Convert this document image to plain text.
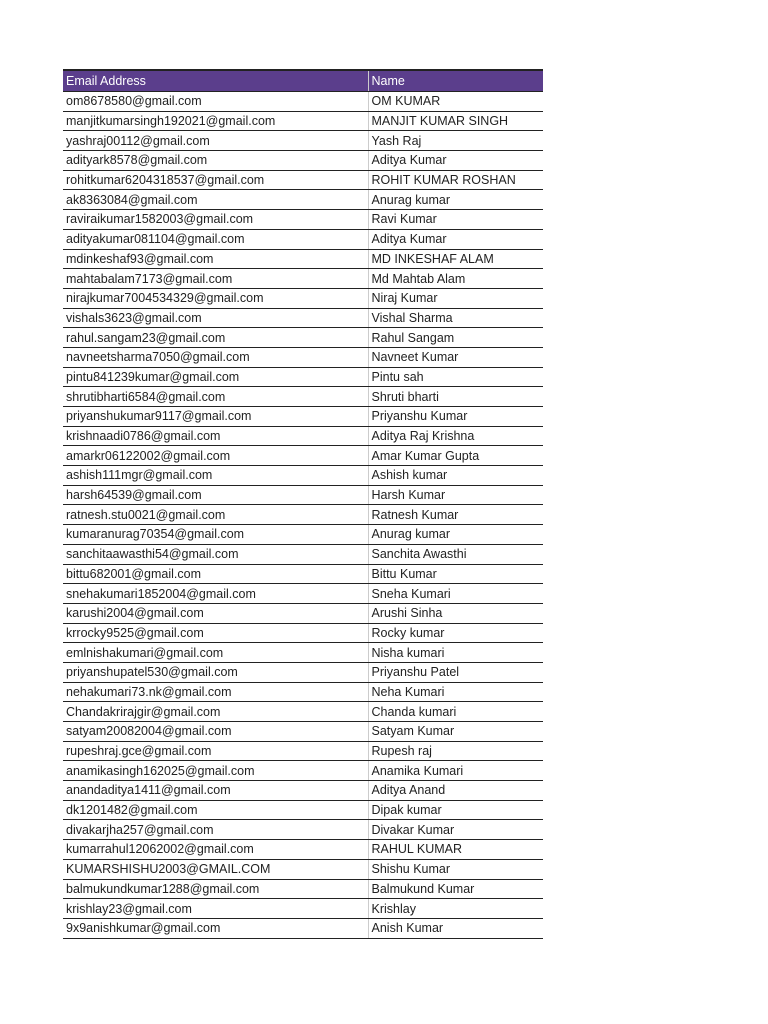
Email Address	Name
om8678580@gmail.com	OM KUMAR
manjitkumarsingh192021@gmail.com	MANJIT KUMAR SINGH
yashraj00112@gmail.com	Yash Raj
adityark8578@gmail.com	Aditya Kumar
rohitkumar6204318537@gmail.com	ROHIT KUMAR ROSHAN
ak8363084@gmail.com	Anurag kumar
raviraikumar1582003@gmail.com	Ravi Kumar
adityakumar081104@gmail.com	Aditya Kumar
mdinkeshaf93@gmail.com	MD INKESHAF ALAM
mahtabalam7173@gmail.com	Md Mahtab Alam
nirajkumar7004534329@gmail.com	Niraj Kumar
vishals3623@gmail.com	Vishal Sharma
rahul.sangam23@gmail.com	Rahul Sangam
navneetsharma7050@gmail.com	Navneet Kumar
pintu841239kumar@gmail.com	Pintu sah
shrutibharti6584@gmail.com	Shruti bharti
priyanshukumar9117@gmail.com	Priyanshu Kumar
krishnaadi0786@gmail.com	Aditya Raj Krishna
amarkr06122002@gmail.com	Amar Kumar Gupta
ashish111mgr@gmail.com	Ashish kumar
harsh64539@gmail.com	Harsh Kumar
ratnesh.stu0021@gmail.com	Ratnesh Kumar
kumaranurag70354@gmail.com	Anurag kumar
sanchitaawasthi54@gmail.com	Sanchita Awasthi
bittu682001@gmail.com	Bittu Kumar
snehakumari1852004@gmail.com	Sneha Kumari
karushi2004@gmail.com	Arushi Sinha
krrocky9525@gmail.com	Rocky kumar
emlnishakumari@gmail.com	Nisha kumari
priyanshupatel530@gmail.com	Priyanshu Patel
nehakumari73.nk@gmail.com	Neha Kumari
Chandakrirajgir@gmail.com	Chanda kumari
satyam20082004@gmail.com	Satyam Kumar
rupeshraj.gce@gmail.com	Rupesh raj
anamikasingh162025@gmail.com	Anamika Kumari
anandaditya1411@gmail.com	Aditya Anand
dk1201482@gmail.com	Dipak kumar
divakarjha257@gmail.com	Divakar Kumar
kumarrahul12062002@gmail.com	RAHUL KUMAR
KUMARSHISHU2003@GMAIL.COM	Shishu Kumar
balmukundkumar1288@gmail.com	Balmukund Kumar
krishlay23@gmail.com	Krishlay
9x9anishkumar@gmail.com	Anish Kumar
